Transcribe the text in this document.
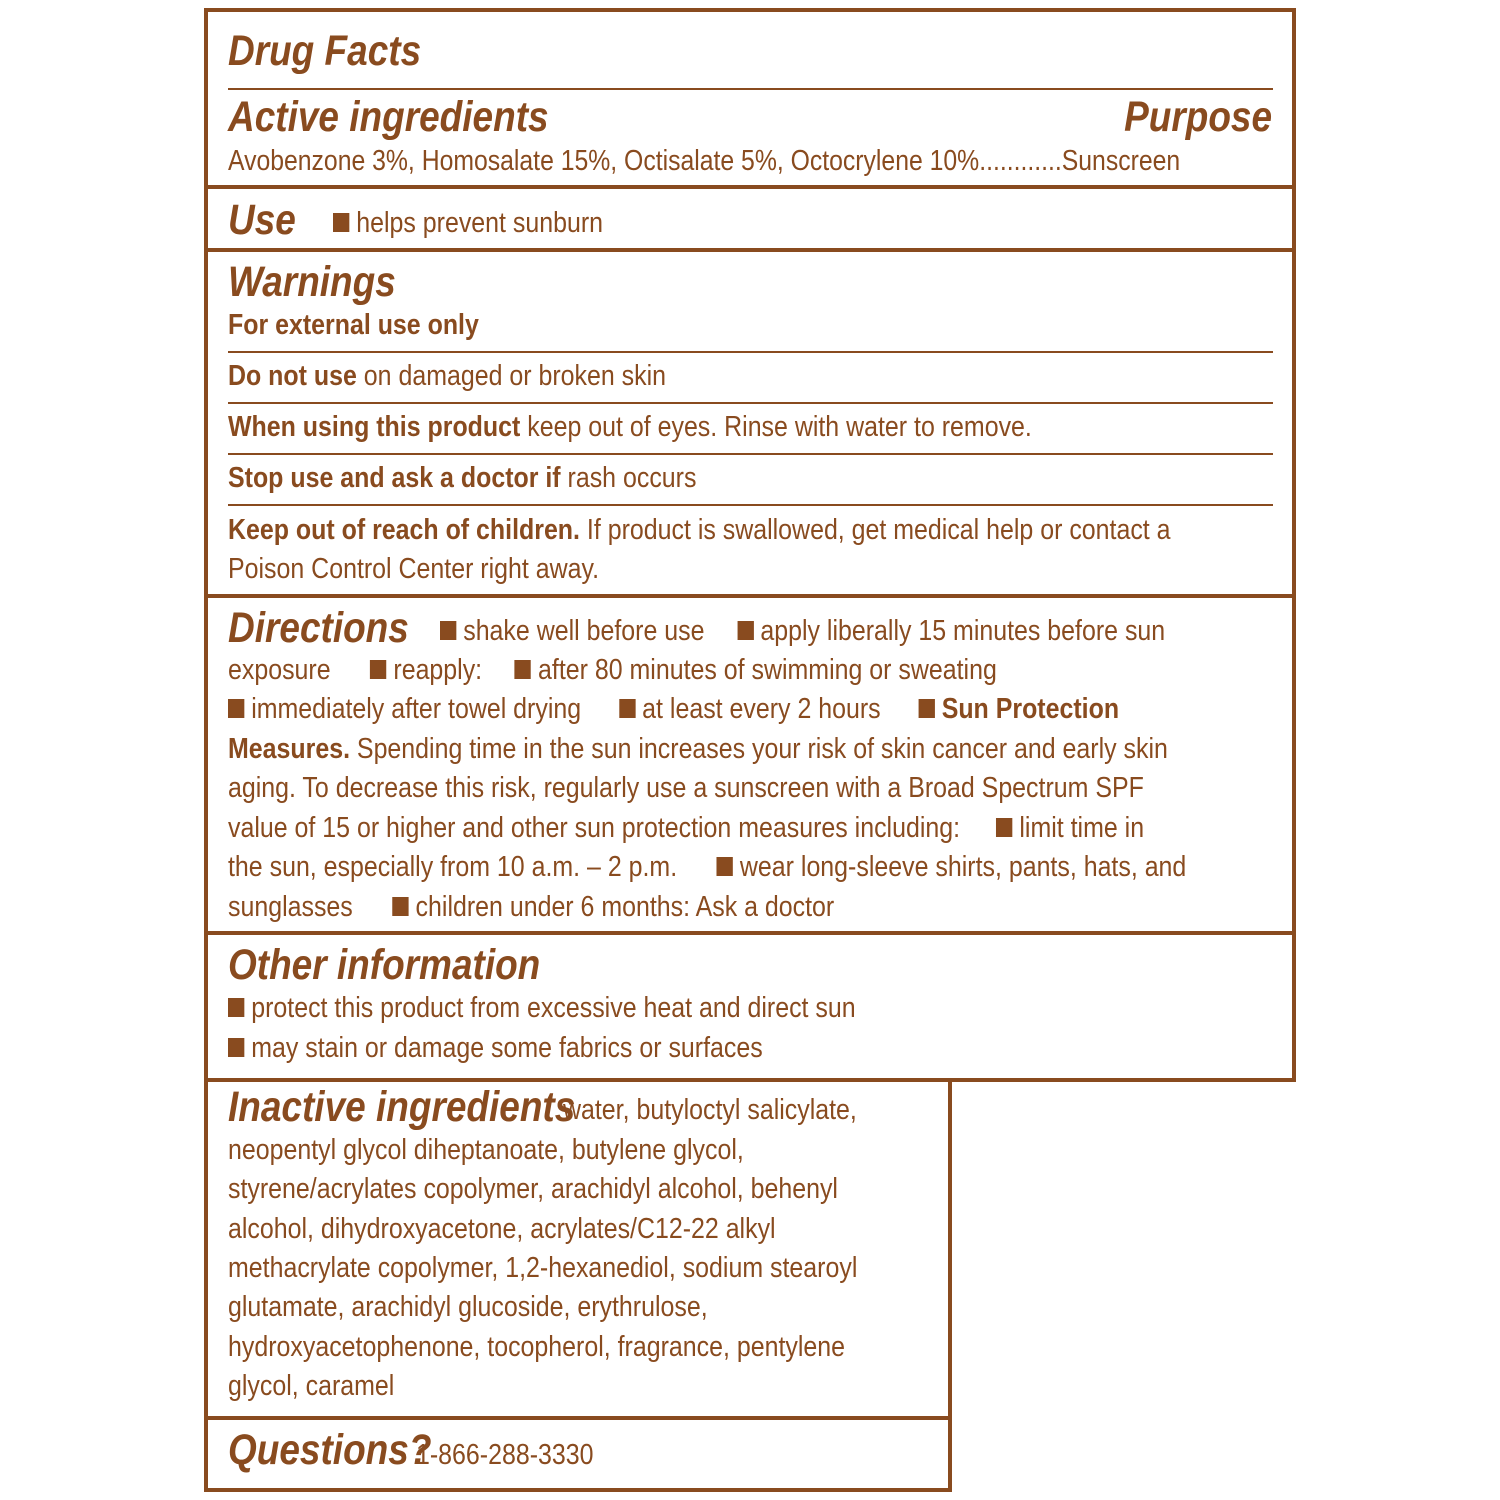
Drug Facts
Active ingredients	Purpose
Avobenzone 3%, Homosalate 15%, Octisalate 5%, Octocrylene 10%............Sunscreen
Use	helps prevent sunburn
Warnings
For external use only
Do not use on damaged or broken skin
When using this product keep out of eyes. Rinse with water to remove.
Stop use and ask a doctor if rash occurs
Keep out of reach of children. If product is swallowed, get medical help or contact a
Poison Control Center right away.
Directions	shake well before use apply liberally 15 minutes before sun
exposure reapply: after 80 minutes of swimming or sweating
immediately after towel drying at least every 2 hours Sun Protection
Measures. Spending time in the sun increases your risk of skin cancer and early skin
aging. To decrease this risk, regularly use a sunscreen with a Broad Spectrum SPF
value of 15 or higher and other sun protection measures including: limit time in
the sun, especially from 10 a.m. – 2 p.m. wear long-sleeve shirts, pants, hats, and
sunglasses children under 6 months: Ask a doctor
Other information
protect this product from excessive heat and direct sun
may stain or damage some fabrics or surfaces
Inactive ingredients
water, butyloctyl salicylate,
neopentyl glycol diheptanoate, butylene glycol,
styrene/acrylates copolymer, arachidyl alcohol, behenyl
alcohol, dihydroxyacetone, acrylates/C12-22 alkyl
methacrylate copolymer, 1,2-hexanediol, sodium stearoyl
glutamate, arachidyl glucoside, erythrulose,
hydroxyacetophenone, tocopherol, fragrance, pentylene
glycol, caramel
Questions?
1-866-288-3330
